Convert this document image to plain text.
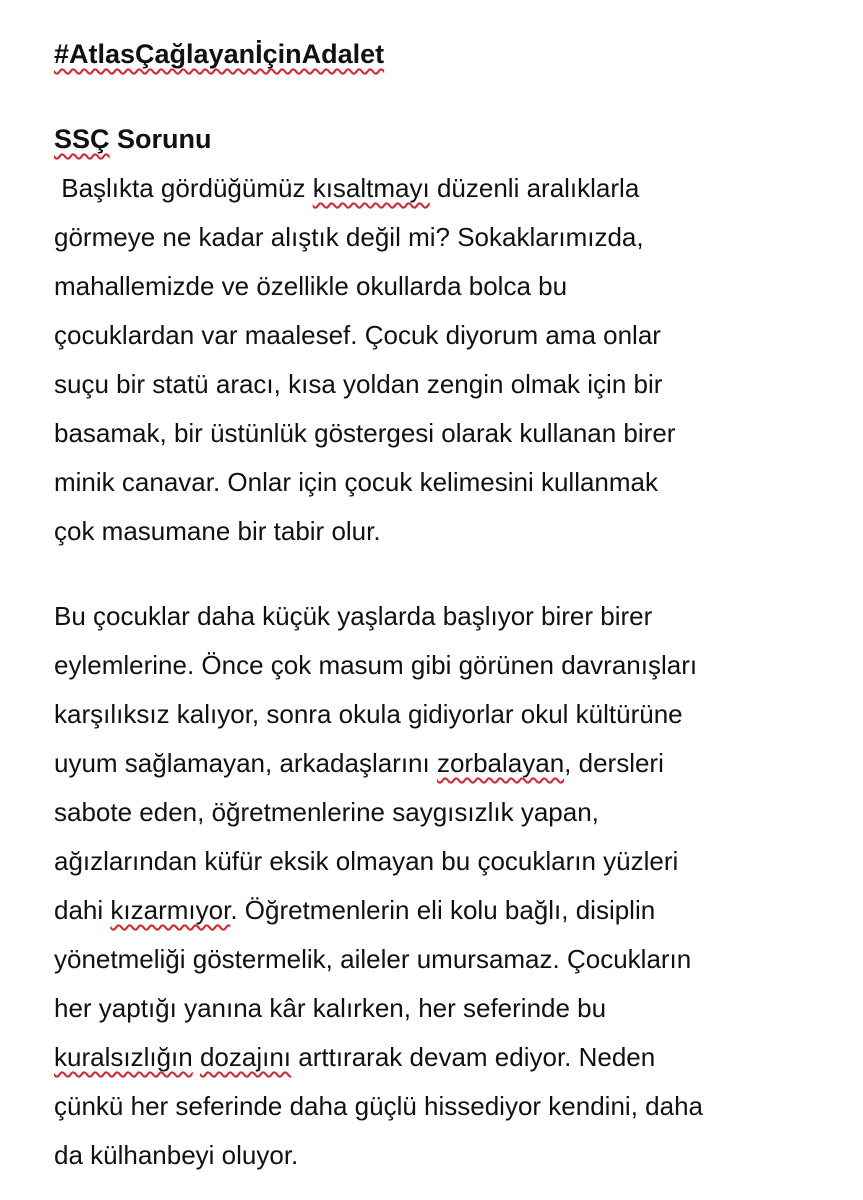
#AtlasÇağlayanİçinAdalet
SSÇ Sorunu
Başlıkta gördüğümüz kısaltmayı düzenli aralıklarla
görmeye ne kadar alıştık değil mi? Sokaklarımızda,
mahallemizde ve özellikle okullarda bolca bu
çocuklardan var maalesef. Çocuk diyorum ama onlar
suçu bir statü aracı, kısa yoldan zengin olmak için bir
basamak, bir üstünlük göstergesi olarak kullanan birer
minik canavar. Onlar için çocuk kelimesini kullanmak
çok masumane bir tabir olur.
Bu çocuklar daha küçük yaşlarda başlıyor birer birer
eylemlerine. Önce çok masum gibi görünen davranışları
karşılıksız kalıyor, sonra okula gidiyorlar okul kültürüne
uyum sağlamayan, arkadaşlarını zorbalayan, dersleri
sabote eden, öğretmenlerine saygısızlık yapan,
ağızlarından küfür eksik olmayan bu çocukların yüzleri
dahi kızarmıyor. Öğretmenlerin eli kolu bağlı, disiplin
yönetmeliği göstermelik, aileler umursamaz. Çocukların
her yaptığı yanına kâr kalırken, her seferinde bu
kuralsızlığın dozajını arttırarak devam ediyor. Neden
çünkü her seferinde daha güçlü hissediyor kendini, daha
da külhanbeyi oluyor.
